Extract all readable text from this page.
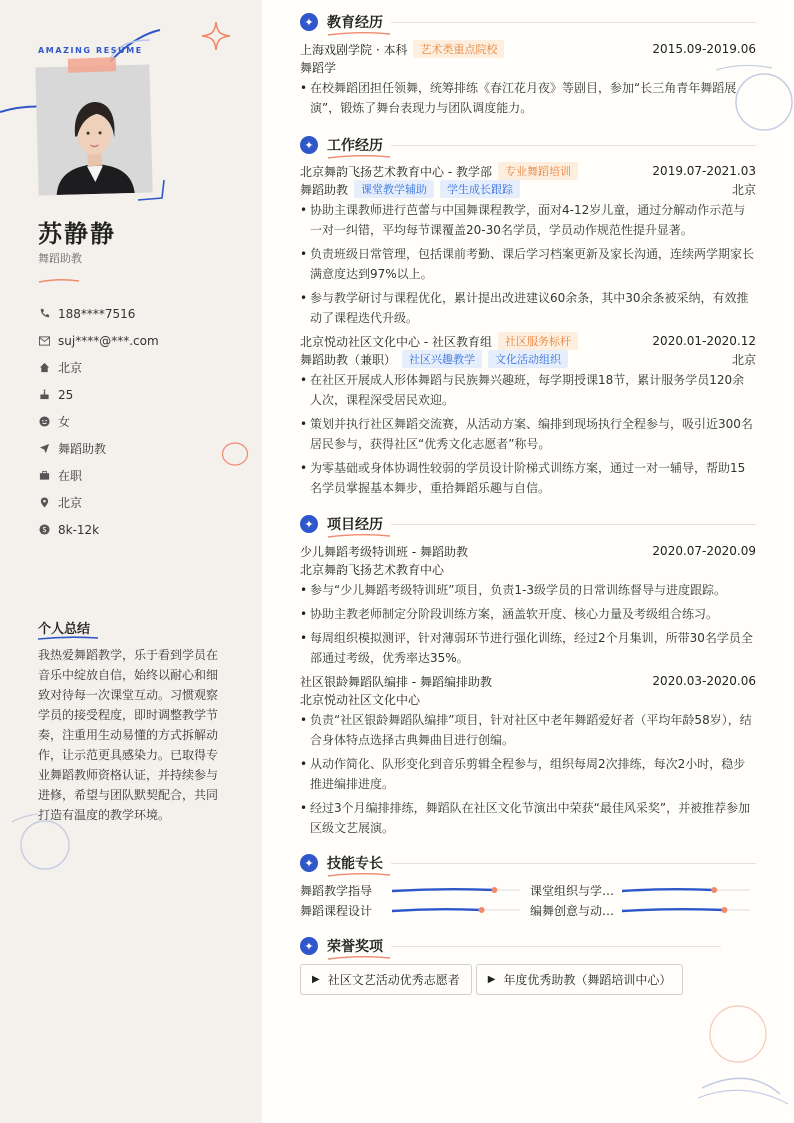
AMAZING RESUME
苏静静
舞蹈助教
188****7516
suj****@***.com
北京
25
女
舞蹈助教
在职
北京
8k-12k
个人总结
我热爱舞蹈教学，乐于看到学员在音乐中绽放自信，始终以耐心和细致对待每一次课堂互动。习惯观察学员的接受程度，即时调整教学节奏，注重用生动易懂的方式拆解动作，让示范更具感染力。已取得专业舞蹈教师资格认证，并持续参与进修，希望与团队默契配合，共同打造有温度的教学环境。
✦ 教育经历
上海戏剧学院 · 本科	艺术类重点院校	2015.09-2019.06
舞蹈学
• 在校舞蹈团担任领舞，统筹排练《春江花月夜》等剧目，参加“长三角青年舞蹈展演”，锻炼了舞台表现力与团队调度能力。
✦ 工作经历
北京舞韵飞扬艺术教育中心 - 教学部	专业舞蹈培训	2019.07-2021.03
舞蹈助教	课堂教学辅助	学生成长跟踪	北京
• 协助主课教师进行芭蕾与中国舞课程教学，面对4-12岁儿童，通过分解动作示范与一对一纠错，平均每节课覆盖20-30名学员，学员动作规范性提升显著。
• 负责班级日常管理，包括课前考勤、课后学习档案更新及家长沟通，连续两学期家长满意度达到97%以上。
• 参与教学研讨与课程优化，累计提出改进建议60余条，其中30余条被采纳，有效推动了课程迭代升级。
北京悦动社区文化中心 - 社区教育组	社区服务标杆	2020.01-2020.12
舞蹈助教（兼职）	社区兴趣教学	文化活动组织	北京
• 在社区开展成人形体舞蹈与民族舞兴趣班，每学期授课18节，累计服务学员120余人次，课程深受居民欢迎。
• 策划并执行社区舞蹈交流赛，从活动方案、编排到现场执行全程参与，吸引近300名居民参与，获得社区“优秀文化志愿者”称号。
• 为零基础或身体协调性较弱的学员设计阶梯式训练方案，通过一对一辅导，帮助15名学员掌握基本舞步，重拾舞蹈乐趣与自信。
✦ 项目经历
少儿舞蹈考级特训班 - 舞蹈助教	2020.07-2020.09
北京舞韵飞扬艺术教育中心
• 参与“少儿舞蹈考级特训班”项目，负责1-3级学员的日常训练督导与进度跟踪。
• 协助主教老师制定分阶段训练方案，涵盖软开度、核心力量及考级组合练习。
• 每周组织模拟测评，针对薄弱环节进行强化训练，经过2个月集训，所带30名学员全部通过考级，优秀率达35%。
社区银龄舞蹈队编排 - 舞蹈编排助教	2020.03-2020.06
北京悦动社区文化中心
• 负责“社区银龄舞蹈队编排”项目，针对社区中老年舞蹈爱好者（平均年龄58岁），结合身体特点选择古典舞曲目进行创编。
• 从动作简化、队形变化到音乐剪辑全程参与，组织每周2次排练，每次2小时，稳步推进编排进度。
• 经过3个月编排排练，舞蹈队在社区文化节演出中荣获“最佳风采奖”，并被推荐参加区级文艺展演。
✦ 技能专长
舞蹈教学指导	课堂组织与学…
舞蹈课程设计	编舞创意与动…
✦ 荣誉奖项
▶ 社区文艺活动优秀志愿者	▶ 年度优秀助教（舞蹈培训中心）
